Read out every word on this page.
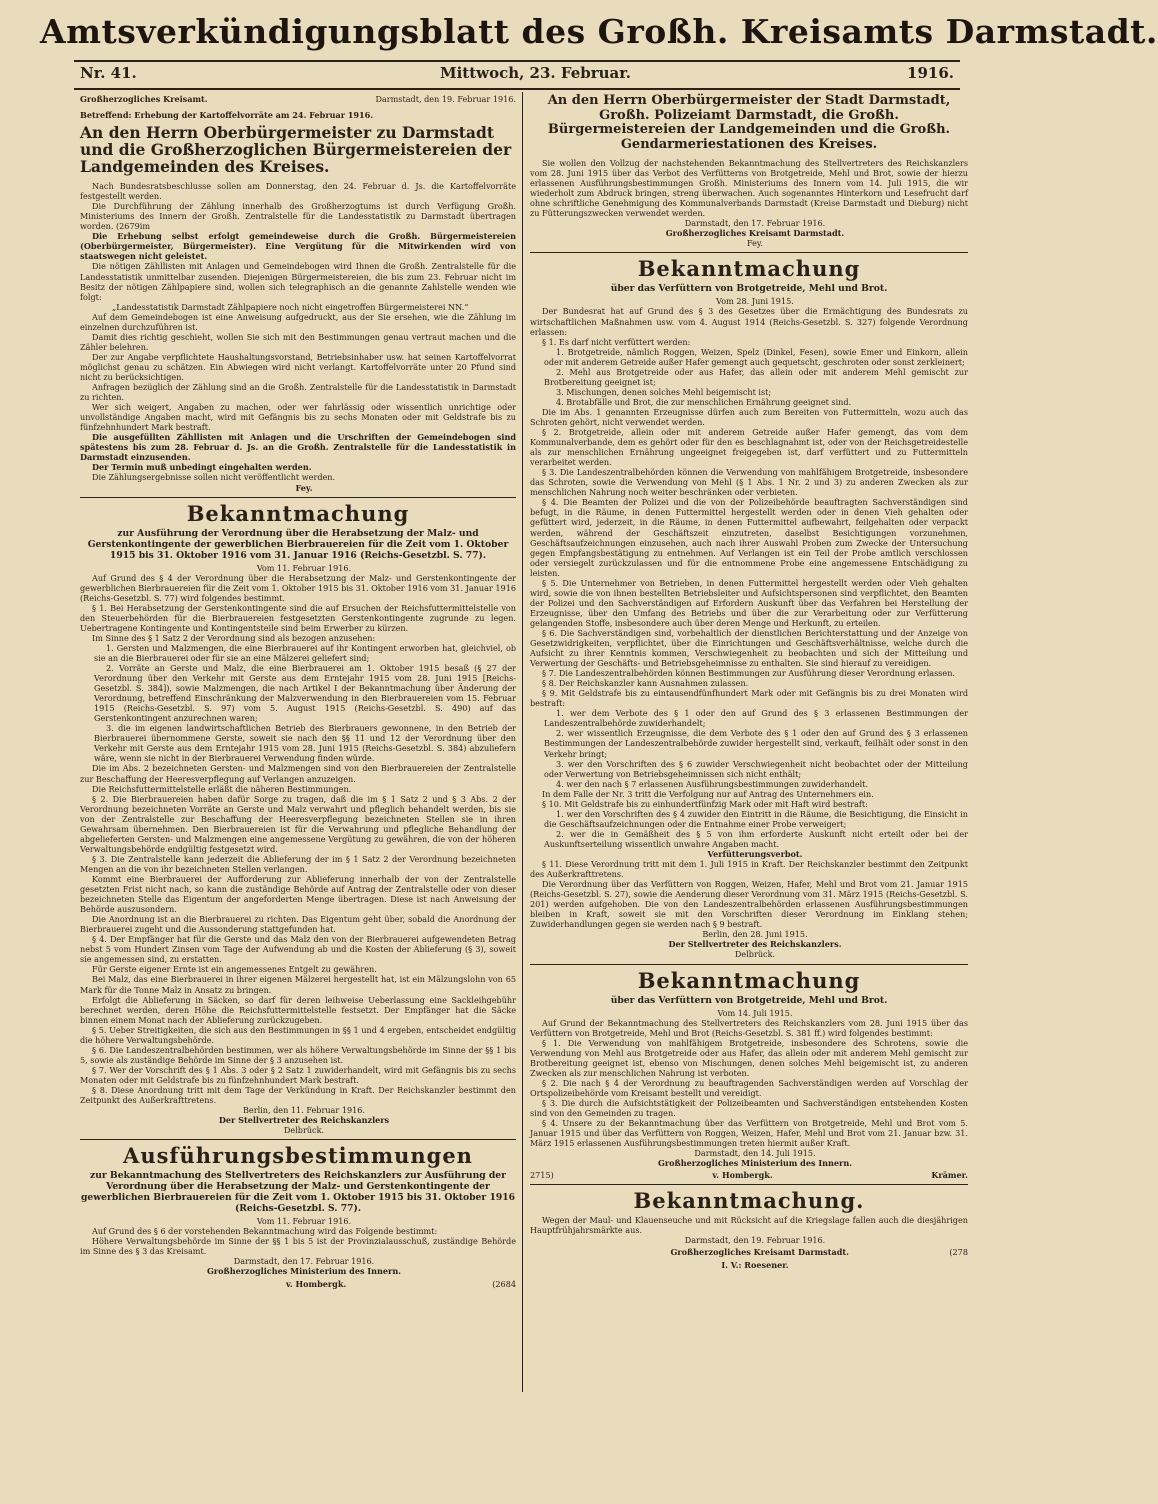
Amtsverkündigungsblatt des Großh. Kreisamts Darmstadt.
Nr. 41.	Mittwoch, 23. Februar.	1916.
Großherzogliches Kreisamt.	Darmstadt, den 19. Februar 1916.

Betreffend: Erhebung der Kartoffelvorräte am 24. Februar 1916.

An den Herrn Oberbürgermeister zu Darmstadt und die Großherzoglichen Bürgermeistereien der Landgemeinden des Kreises.

Nach Bundesratsbeschlusse sollen am Donnerstag, den 24. Februar d. Js. die Kartoffelvorräte festgestellt werden.

Die Durchführung der Zählung innerhalb des Großherzogtums ist durch Verfügung Großh. Ministeriums des Innern der Großh. Zentralstelle für die Landesstatistik zu Darmstadt übertragen worden. (2679im

Die Erhebung selbst erfolgt gemeindeweise durch die Großh. Bürgermeistereien (Oberbürgermeister, Bürgermeister). Eine Vergütung für die Mitwirkenden wird von staatswegen nicht geleistet.

Die nötigen Zähllisten mit Anlagen und Gemeindebogen wird Ihnen die Großh. Zentralstelle für die Landesstatistik unmittelbar zusenden. Diejenigen Bürgermeistereien, die bis zum 23. Februar nicht im Besitz der nötigen Zählpapiere sind, wollen sich telegraphisch an die genannte Zahlstelle wenden wie folgt:

„Landesstatistik Darmstadt Zählpapiere noch nicht eingetroffen Bürgermeisterei NN.“

Auf dem Gemeindebogen ist eine Anweisung aufgedruckt, aus der Sie ersehen, wie die Zählung im einzelnen durchzuführen ist.

Damit dies richtig geschieht, wollen Sie sich mit den Bestimmungen genau vertraut machen und die Zähler belehren.

Der zur Angabe verpflichtete Haushaltungsvorstand, Betriebsinhaber usw. hat seinen Kartoffelvorrat möglichst genau zu schätzen. Ein Abwiegen wird nicht verlangt. Kartoffelvorräte unter 20 Pfund sind nicht zu berücksichtigen.

Anfragen bezüglich der Zählung sind an die Großh. Zentralstelle für die Landesstatistik in Darmstadt zu richten.

Wer sich weigert, Angaben zu machen, oder wer fahrlässig oder wissentlich unrichtige oder unvollständige Angaben macht, wird mit Gefängnis bis zu sechs Monaten oder mit Geldstrafe bis zu fünfzehnhundert Mark bestraft.

Die ausgefüllten Zähllisten mit Anlagen und die Urschriften der Gemeindebogen sind spätestens bis zum 28. Februar d. Js. an die Großh. Zentralstelle für die Landesstatistik in Darmstadt einzusenden.

Der Termin muß unbedingt eingehalten werden.

Die Zählungsergebnisse sollen nicht veröffentlicht werden.

Fey.

Bekanntmachung
zur Ausführung der Verordnung über die Herabsetzung der Malz- und Gerstenkontingente der gewerblichen Bierbrauereien für die Zeit vom 1. Oktober 1915 bis 31. Oktober 1916 vom 31. Januar 1916 (Reichs-Gesetzbl. S. 77).

Vom 11. Februar 1916.

Auf Grund des § 4 der Verordnung über die Herabsetzung der Malz- und Gerstenkontingente der gewerblichen Bierbrauereien für die Zeit vom 1. Oktober 1915 bis 31. Oktober 1916 vom 31. Januar 1916 (Reichs-Gesetzbl. S. 77) wird folgendes bestimmt.

§ 1. Bei Herabsetzung der Gerstenkontingente sind die auf Ersuchen der Reichsfuttermittelstelle von den Steuerbehörden für die Bierbrauereien festgesetzten Gerstenkontingente zugrunde zu legen. Uebertragene Kontingente und Kontingentsteile sind beim Erwerber zu kürzen.

Im Sinne des § 1 Satz 2 der Verordnung sind als bezogen anzusehen:

1. Gersten und Malzmengen, die eine Bierbrauerei auf ihr Kontingent erworben hat, gleichviel, ob sie an die Bierbrauerei oder für sie an eine Mälzerei geliefert sind;

2. Vorräte an Gerste und Malz, die eine Bierbrauerei am 1. Oktober 1915 besaß (§ 27 der Verordnung über den Verkehr mit Gerste aus dem Erntejahr 1915 vom 28. Juni 1915 [Reichs-Gesetzbl. S. 384]), sowie Malzmengen, die nach Artikel I der Bekanntmachung über Änderung der Verordnung, betreffend Einschränkung der Malzverwendung in den Bierbrauereien vom 15. Februar 1915 (Reichs-Gesetzbl. S. 97) vom 5. August 1915 (Reichs-Gesetzbl. S. 490) auf das Gerstenkontingent anzurechnen waren;

3. die im eigenen landwirtschaftlichen Betrieb des Bierbrauers gewonnene, in den Betrieb der Bierbrauerei übernommene Gerste, soweit sie nach den §§ 11 und 12 der Verordnung über den Verkehr mit Gerste aus dem Erntejahr 1915 vom 28. Juni 1915 (Reichs-Gesetzbl. S. 384) abzuliefern wäre, wenn sie nicht in der Bierbrauerei Verwendung finden würde.

Die im Abs. 2 bezeichneten Gersten- und Malzmengen sind von den Bierbrauereien der Zentralstelle zur Beschaffung der Heeresverpflegung auf Verlangen anzuzeigen.

Die Reichsfuttermittelstelle erläßt die näheren Bestimmungen.

§ 2. Die Bierbrauereien haben dafür Sorge zu tragen, daß die im § 1 Satz 2 und § 3 Abs. 2 der Verordnung bezeichneten Vorräte an Gerste und Malz verwahrt und pfleglich behandelt werden, bis sie von der Zentralstelle zur Beschaffung der Heeresverpflegung bezeichneten Stellen sie in ihren Gewahrsam übernehmen. Den Bierbrauereien ist für die Verwahrung und pflegliche Behandlung der abgelieferten Gersten- und Malzmengen eine angemessene Vergütung zu gewähren, die von der höheren Verwaltungsbehörde endgültig festgesetzt wird.

§ 3. Die Zentralstelle kann jederzeit die Ablieferung der im § 1 Satz 2 der Verordnung bezeichneten Mengen an die von ihr bezeichneten Stellen verlangen.

Kommt eine Bierbrauerei der Aufforderung zur Ablieferung innerhalb der von der Zentralstelle gesetzten Frist nicht nach, so kann die zuständige Behörde auf Antrag der Zentralstelle oder von dieser bezeichneten Stelle das Eigentum der angeforderten Menge übertragen. Diese ist nach Anweisung der Behörde auszusondern.

Die Anordnung ist an die Bierbrauerei zu richten. Das Eigentum geht über, sobald die Anordnung der Bierbrauerei zugeht und die Aussonderung stattgefunden hat.

§ 4. Der Empfänger hat für die Gerste und das Malz den von der Bierbrauerei aufgewendeten Betrag nebst 5 vom Hundert Zinsen vom Tage der Aufwendung ab und die Kosten der Ablieferung (§ 3), soweit sie angemessen sind, zu erstatten.

Für Gerste eigener Ernte ist ein angemessenes Entgelt zu gewähren.

Bei Malz, das eine Bierbrauerei in ihrer eigenen Mälzerei hergestellt hat, ist ein Mälzungslohn von 65 Mark für die Tonne Malz in Ansatz zu bringen.

Erfolgt die Ablieferung in Säcken, so darf für deren leihweise Ueberlassung eine Sackleihgebühr berechnet werden, deren Höhe die Reichsfuttermittelstelle festsetzt. Der Empfänger hat die Säcke binnen einem Monat nach der Ablieferung zurückzugeben.

§ 5. Ueber Streitigkeiten, die sich aus den Bestimmungen in §§ 1 und 4 ergeben, entscheidet endgültig die höhere Verwaltungsbehörde.

§ 6. Die Landeszentralbehörden bestimmen, wer als höhere Verwaltungsbehörde im Sinne der §§ 1 bis 5, sowie als zuständige Behörde im Sinne der § 3 anzusehen ist.

§ 7. Wer der Vorschrift des § 1 Abs. 3 oder § 2 Satz 1 zuwiderhandelt, wird mit Gefängnis bis zu sechs Monaten oder mit Geldstrafe bis zu fünfzehnhundert Mark bestraft.

§ 8. Diese Anordnung tritt mit dem Tage der Verkündung in Kraft. Der Reichskanzler bestimmt den Zeitpunkt des Außerkrafttretens.

Berlin, den 11. Februar 1916.

Der Stellvertreter des Reichskanzlers

Delbrück.

Ausführungsbestimmungen
zur Bekanntmachung des Stellvertreters des Reichskanzlers zur Ausführung der Verordnung über die Herabsetzung der Malz- und Gerstenkontingente der gewerblichen Bierbrauereien für die Zeit vom 1. Oktober 1915 bis 31. Oktober 1916 (Reichs-Gesetzbl. S. 77).

Vom 11. Februar 1916.

Auf Grund des § 6 der vorstehenden Bekanntmachung wird das Folgende bestimmt:

Höhere Verwaltungsbehörde im Sinne der §§ 1 bis 5 ist der Provinzialausschuß, zuständige Behörde im Sinne des § 3 das Kreisamt.

Darmstadt, den 17. Februar 1916.

Großherzogliches Ministerium des Innern.

v. Hombergk.	(2684
An den Herrn Oberbürgermeister der Stadt Darmstadt, Großh. Polizeiamt Darmstadt, die Großh. Bürgermeistereien der Landgemeinden und die Großh. Gendarmeriestationen des Kreises.

Sie wollen den Vollzug der nachstehenden Bekanntmachung des Stellvertreters des Reichskanzlers vom 28. Juni 1915 über das Verbot des Verfütterns von Brotgetreide, Mehl und Brot, sowie der hierzu erlassenen Ausführungsbestimmungen Großh. Ministeriums des Innern vom 14. Juli 1915, die wir wiederholt zum Abdruck bringen, streng überwachen. Auch sogenanntes Hinterkorn und Lesefrucht darf ohne schriftliche Genehmigung des Kommunalverbands Darmstadt (Kreise Darmstadt und Dieburg) nicht zu Fütterungszwecken verwendet werden.

Darmstadt, den 17. Februar 1916.

Großherzogliches Kreisamt Darmstadt.

Fey.

Bekanntmachung
über das Verfüttern von Brotgetreide, Mehl und Brot.

Vom 28. Juni 1915.

Der Bundesrat hat auf Grund des § 3 des Gesetzes über die Ermächtigung des Bundesrats zu wirtschaftlichen Maßnahmen usw. vom 4. August 1914 (Reichs-Gesetzbl. S. 327) folgende Verordnung erlassen:

§ 1. Es darf nicht verfüttert werden:

1. Brotgetreide, nämlich Roggen, Weizen, Spelz (Dinkel, Fesen), sowie Emer und Einkorn, allein oder mit anderem Getreide außer Hafer gemengt auch gequetscht, geschroten oder sonst zerkleinert;

2. Mehl aus Brotgetreide oder aus Hafer, das allein oder mit anderem Mehl gemischt zur Brotbereitung geeignet ist;

3. Mischungen, denen solches Mehl beigemischt ist;

4. Brotabfälle und Brot, die zur menschlichen Ernährung geeignet sind.

Die im Abs. 1 genannten Erzeugnisse dürfen auch zum Bereiten von Futtermitteln, wozu auch das Schroten gehört, nicht verwendet werden.

§ 2. Brotgetreide, allein oder mit anderem Getreide außer Hafer gemengt, das vom dem Kommunalverbande, dem es gehört oder für den es beschlagnahmt ist, oder von der Reichsgetreidestelle als zur menschlichen Ernährung ungeeignet freigegeben ist, darf verfüttert und zu Futtermitteln verarbeitet werden.

§ 3. Die Landeszentralbehörden können die Verwendung von mahlfähigem Brotgetreide, insbesondere das Schroten, sowie die Verwendung von Mehl (§ 1 Abs. 1 Nr. 2 und 3) zu anderen Zwecken als zur menschlichen Nahrung noch weiter beschränken oder verbieten.

§ 4. Die Beamten der Polizei und die von der Polizeibehörde beauftragten Sachverständigen sind befugt, in die Räume, in denen Futtermittel hergestellt werden oder in denen Vieh gehalten oder gefüttert wird, jederzeit, in die Räume, in denen Futtermittel aufbewahrt, feilgehalten oder verpackt werden, während der Geschäftszeit einzutreten, daselbst Besichtigungen vorzunehmen, Geschäftsaufzeichnungen einzusehen, auch nach ihrer Auswahl Proben zum Zwecke der Untersuchung gegen Empfangsbestätigung zu entnehmen. Auf Verlangen ist ein Teil der Probe amtlich verschlossen oder versiegelt zurückzulassen und für die entnommene Probe eine angemessene Entschädigung zu leisten.

§ 5. Die Unternehmer von Betrieben, in denen Futtermittel hergestellt werden oder Vieh gehalten wird, sowie die von ihnen bestellten Betriebsleiter und Aufsichtspersonen sind verpflichtet, den Beamten der Polizei und den Sachverständigen auf Erfordern Auskunft über das Verfahren bei Herstellung der Erzeugnisse, über den Umfang des Betriebs und über die zur Verarbeitung oder zur Verfütterung gelangenden Stoffe, insbesondere auch über deren Menge und Herkunft, zu erteilen.

§ 6. Die Sachverständigen sind, vorbehaltlich der dienstlichen Berichterstattung und der Anzeige von Gesetzwidrigkeiten, verpflichtet, über die Einrichtungen und Geschäftsverhältnisse, welche durch die Aufsicht zu ihrer Kenntnis kommen, Verschwiegenheit zu beobachten und sich der Mitteilung und Verwertung der Geschäfts- und Betriebsgeheimnisse zu enthalten. Sie sind hierauf zu vereidigen.

§ 7. Die Landeszentralbehörden können Bestimmungen zur Ausführung dieser Verordnung erlassen.

§ 8. Der Reichskanzler kann Ausnahmen zulassen.

§ 9. Mit Geldstrafe bis zu eintausendfünfhundert Mark oder mit Gefängnis bis zu drei Monaten wird bestraft:

1. wer dem Verbote des § 1 oder den auf Grund des § 3 erlassenen Bestimmungen der Landeszentralbehörde zuwiderhandelt;

2. wer wissentlich Erzeugnisse, die dem Verbote des § 1 oder den auf Grund des § 3 erlassenen Bestimmungen der Landeszentralbehörde zuwider hergestellt sind, verkauft, feilhält oder sonst in den Verkehr bringt;

3. wer den Vorschriften des § 6 zuwider Verschwiegenheit nicht beobachtet oder der Mitteilung oder Verwertung von Betriebsgeheimnissen sich nicht enthält;

4. wer den nach § 7 erlassenen Ausführungsbestimmungen zuwiderhandelt.

In dem Falle der Nr. 3 tritt die Verfolgung nur auf Antrag des Unternehmers ein.

§ 10. Mit Geldstrafe bis zu einhundertfünfzig Mark oder mit Haft wird bestraft:

1. wer den Vorschriften des § 4 zuwider den Eintritt in die Räume, die Besichtigung, die Einsicht in die Geschäftsaufzeichnungen oder die Entnahme einer Probe verweigert;

2. wer die in Gemäßheit des § 5 von ihm erforderte Auskunft nicht erteilt oder bei der Auskunftserteilung wissentlich unwahre Angaben macht.

Verfütterungsverbot.

§ 11. Diese Verordnung tritt mit dem 1. Juli 1915 in Kraft. Der Reichskanzler bestimmt den Zeitpunkt des Außerkrafttretens.

Die Verordnung über das Verfüttern von Roggen, Weizen, Hafer, Mehl und Brot vom 21. Januar 1915 (Reichs-Gesetzbl. S. 27), sowie die Aenderung dieser Verordnung vom 31. März 1915 (Reichs-Gesetzbl. S. 201) werden aufgehoben. Die von den Landeszentralbehörden erlassenen Ausführungsbestimmungen bleiben in Kraft, soweit sie mit den Vorschriften dieser Verordnung im Einklang stehen; Zuwiderhandlungen gegen sie werden nach § 9 bestraft.

Berlin, den 28. Juni 1915.

Der Stellvertreter des Reichskanzlers.

Delbrück.

Bekanntmachung
über das Verfüttern von Brotgetreide, Mehl und Brot.

Vom 14. Juli 1915.

Auf Grund der Bekanntmachung des Stellvertreters des Reichskanzlers vom 28. Juni 1915 über das Verfüttern von Brotgetreide, Mehl und Brot (Reichs-Gesetzbl. S. 381 ff.) wird folgendes bestimmt:

§ 1. Die Verwendung von mahlfähigem Brotgetreide, insbesondere des Schrotens, sowie die Verwendung von Mehl aus Brotgetreide oder aus Hafer, das allein oder mit anderem Mehl gemischt zur Brotbereitung geeignet ist, ebenso von Mischungen, denen solches Mehl beigemischt ist, zu anderen Zwecken als zur menschlichen Nahrung ist verboten.

§ 2. Die nach § 4 der Verordnung zu beauftragenden Sachverständigen werden auf Vorschlag der Ortspolizeibehörde vom Kreisamt bestellt und vereidigt.

§ 3. Die durch die Aufsichtstätigkeit der Polizeibeamten und Sachverständigen entstehenden Kosten sind von den Gemeinden zu tragen.

§ 4. Unsere zu der Bekanntmachung über das Verfüttern von Brotgetreide, Mehl und Brot vom 5. Januar 1915 und über das Verfüttern von Roggen, Weizen, Hafer, Mehl und Brot vom 21. Januar bzw. 31. März 1915 erlassenen Ausführungsbestimmungen treten hiermit außer Kraft.

Darmstadt, den 14. Juli 1915.

Großherzogliches Ministerium des Innern.

2715)	v. Hombergk.	Krämer.
Bekanntmachung.

Wegen der Maul- und Klauenseuche und mit Rücksicht auf die Kriegslage fallen auch die diesjährigen Hauptfrühjahrsmärkte aus.

Darmstadt, den 19. Februar 1916.

Großherzogliches Kreisamt Darmstadt.	(278

I. V.: Roesener.
